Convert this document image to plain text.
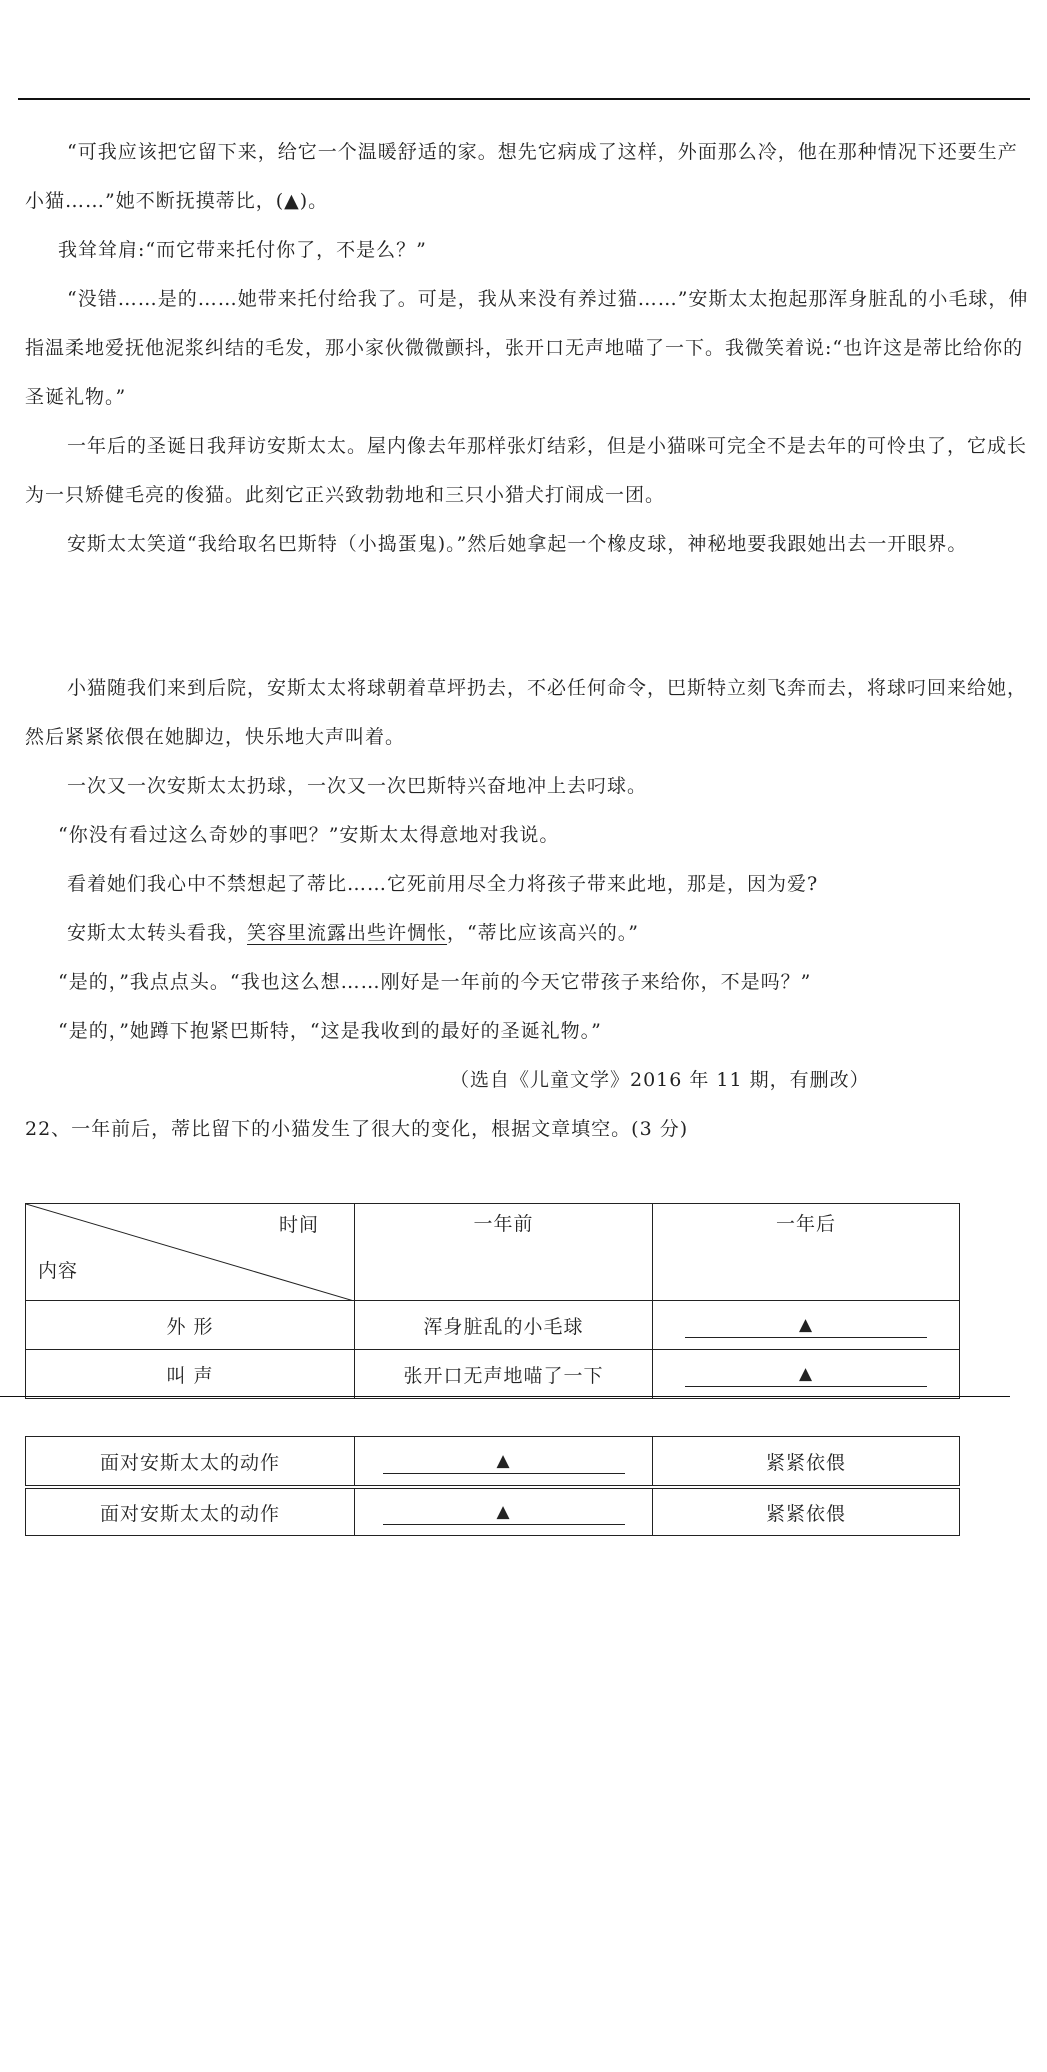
“可我应该把它留下来，给它一个温暖舒适的家。想先它病成了这样，外面那么冷，他在那种情况下还要生产小猫……”她不断抚摸蒂比，(▲)。

我耸耸肩:“而它带来托付你了，不是么？”

“没错……是的……她带来托付给我了。可是，我从来没有养过猫……”安斯太太抱起那浑身脏乱的小毛球，伸指温柔地爱抚他泥浆纠结的毛发，那小家伙微微颤抖，张开口无声地喵了一下。我微笑着说:“也许这是蒂比给你的圣诞礼物。”

一年后的圣诞日我拜访安斯太太。屋内像去年那样张灯结彩，但是小猫咪可完全不是去年的可怜虫了，它成长为一只矫健毛亮的俊猫。此刻它正兴致勃勃地和三只小猎犬打闹成一团。

安斯太太笑道“我给取名巴斯特（小捣蛋鬼)。”然后她拿起一个橡皮球，神秘地要我跟她出去一开眼界。

小猫随我们来到后院，安斯太太将球朝着草坪扔去，不必任何命令，巴斯特立刻飞奔而去，将球叼回来给她，然后紧紧依偎在她脚边，快乐地大声叫着。

一次又一次安斯太太扔球，一次又一次巴斯特兴奋地冲上去叼球。

“你没有看过这么奇妙的事吧？”安斯太太得意地对我说。

看着她们我心中不禁想起了蒂比……它死前用尽全力将孩子带来此地，那是，因为爱?

安斯太太转头看我，笑容里流露出些许惆怅，“蒂比应该高兴的。”

“是的，”我点点头。“我也这么想……刚好是一年前的今天它带孩子来给你，不是吗？”

“是的，”她蹲下抱紧巴斯特，“这是我收到的最好的圣诞礼物。”

（选自《儿童文学》2016 年 11 期，有删改）
22、一年前后，蒂比留下的小猫发生了很大的变化，根据文章填空。(3 分)
时间
内容	一年前	一年后
外 形	浑身脏乱的小毛球	▲
叫 声	张开口无声地喵了一下	▲
面对安斯太太的动作	▲	紧紧依偎
面对安斯太太的动作	▲	紧紧依偎
